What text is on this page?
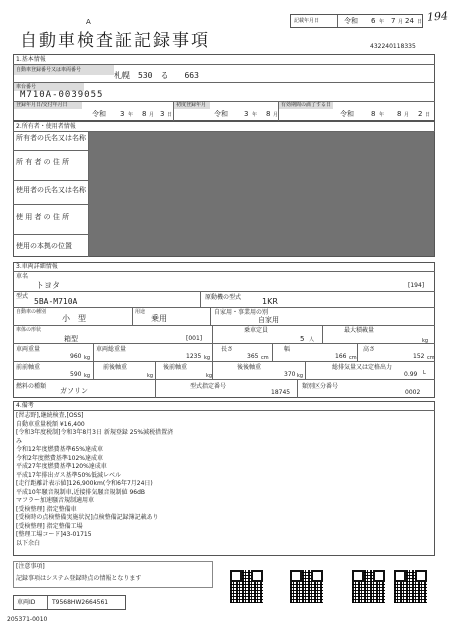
A	記載年月日	令和 6 年 7 月 24 日 194
自動車検査証記録事項	432240118335
1.基本情報
自動車登録番号又は車両番号
札幌　530　る　　663
車台番号
M710A-0039055
登録年月日/交付年月日
令和 3 年 8 月 3 日
初度登録年月
令和 3 年 8 月
有効期間の満了する日
令和 8 年 8 月 2 日
2.所有者・使用者情報
所有者の氏名又は名称
所 有 者 の 住 所
使用者の氏名又は名称
使 用 者 の 住 所
使用の本拠の位置
3.車両詳細情報
車名
トヨタ	[194]
型式
5BA-M710A	原動機の型式	1KR
自動車の種別
小　型
用途
乗用
自家用・事業用の別
自家用
車体の形状
箱型	[001]
乗車定員
5 人
最大積載量
kg
車両重量
960 kg
車両総重量
1235 kg
長さ
365 cm
幅
166 cm
高さ
152 cm
前前軸重
590 kg
前後軸重
kg
後前軸重
kg
後後軸重
370 kg
総排気量又は定格出力
0.99 L
燃料の種類
ガソリン
型式指定番号
18745
類別区分番号
0002
4.備考
[習志野],継続検査,[OSS]
自動車重量税額 ¥16,400
[令和3年度税制]令和3年8月3日 新規登録 25%減税措置済
み
令和12年度燃費基準65%達成車
令和2年度燃費基準102%達成車
平成27年度燃費基準120%達成車
平成17年排出ガス基準50%低減レベル
[走行距離計表示値]126,900km(令和6年7月24日)
平成10年騒音規制車,近接排気騒音規制値 96dB
マフラー加速騒音規制適用車
[受検整理] 指定整備車
[受検時の点検整備実施状況]点検整備記録簿記載あり
[受検整理] 指定整備工場
[整理工場コード]43-01715
以下余白
[注意事項]
記録事項はシステム登録時点の情報となります
車両ID	T9568HW2664561
205371-0010
